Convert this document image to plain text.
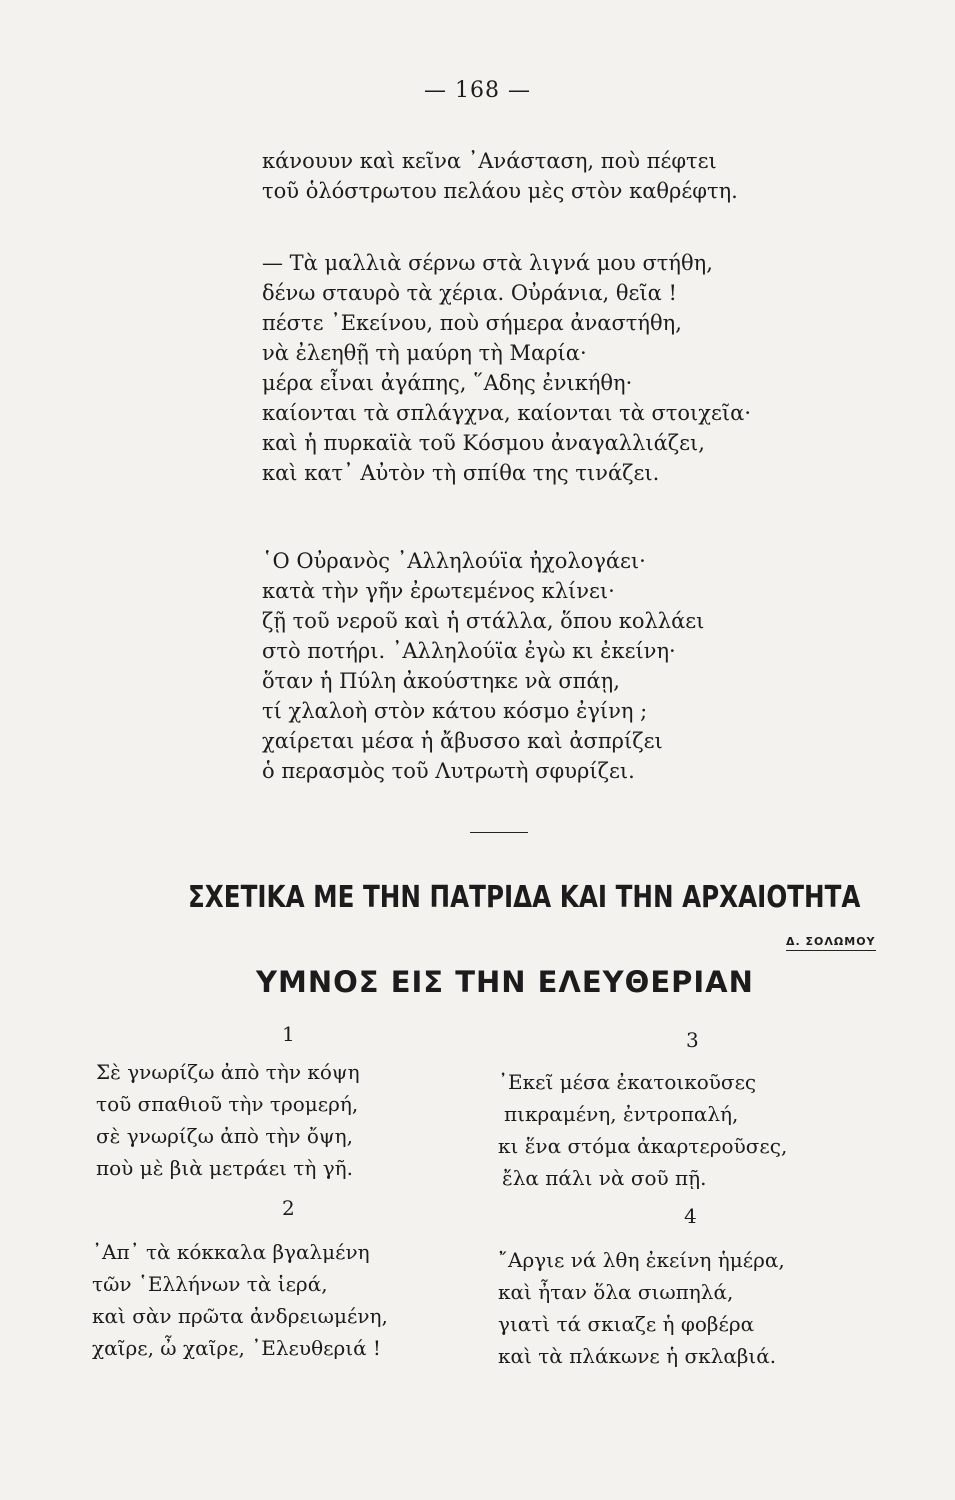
— 168 —
κάνουυν καὶ κεῖνα ᾿Ανάσταση, ποὺ πέφτει
τοῦ ὁλόστρωτου πελάου μὲς στὸν καθρέφτη.
— Τὰ μαλλιὰ σέρνω στὰ λιγνά μου στήθη,
δένω σταυρὸ τὰ χέρια. Οὐράνια, θεῖα !
πέστε ᾿Εκείνου, ποὺ σήμερα ἀναστήθη,
νὰ ἐλεηθῇ τὴ μαύρη τὴ Μαρία·
μέρα εἶναι ἀγάπης, ῞Αδης ἐνικήθη·
καίονται τὰ σπλάγχνα, καίονται τὰ στοιχεῖα·
καὶ ἡ πυρκαϊὰ τοῦ Κόσμου ἀναγαλλιάζει,
καὶ κατ᾿ Αὐτὸν τὴ σπίθα της τινάζει.
῾Ο Οὐρανὸς ᾿Αλληλούϊα ἠχολογάει·
κατὰ τὴν γῆν ἐρωτεμένος κλίνει·
ζῇ τοῦ νεροῦ καὶ ἡ στάλλα, ὅπου κολλάει
στὸ ποτήρι. ᾿Αλληλούϊα ἐγὼ κι ἐκείνη·
ὅταν ἡ Πύλη ἀκούστηκε νὰ σπάῃ,
τί χλαλοὴ στὸν κάτου κόσμο ἐγίνη ;
χαίρεται μέσα ἡ ἄβυσσο καὶ ἀσπρίζει
ὁ περασμὸς τοῦ Λυτρωτὴ σφυρίζει.
ΣΧΕΤΙΚΑ ΜΕ ΤΗΝ ΠΑΤΡΙΔΑ ΚΑΙ ΤΗΝ ΑΡΧΑΙΟΤΗΤΑ
Δ. ΣΟΛΩΜΟΥ
ΥΜΝΟΣ ΕΙΣ ΤΗΝ ΕΛΕΥΘΕΡΙΑΝ
1
Σὲ γνωρίζω ἀπὸ τὴν κόψη
τοῦ σπαθιοῦ τὴν τρομερή,
σὲ γνωρίζω ἀπὸ τὴν ὄψη,
ποὺ μὲ βιὰ μετράει τὴ γῆ.
2
᾿Απ᾿ τὰ κόκκαλα βγαλμένη
τῶν ῾Ελλήνων τὰ ἱερά,
καὶ σὰν πρῶτα ἀνδρειωμένη,
χαῖρε, ὦ χαῖρε, ᾿Ελευθεριά !
3
᾿Εκεῖ μέσα ἐκατοικοῦσες
πικραμένη, ἐντροπαλή,
κι ἕνα στόμα ἀκαρτεροῦσες,
ἔλα πάλι νὰ σοῦ πῇ.
4
῎Αργιε νά λθη ἐκείνη ἡμέρα,
καὶ ἦταν ὅλα σιωπηλά,
γιατὶ τά σκιαζε ἡ φοβέρα
καὶ τὰ πλάκωνε ἡ σκλαβιά.
